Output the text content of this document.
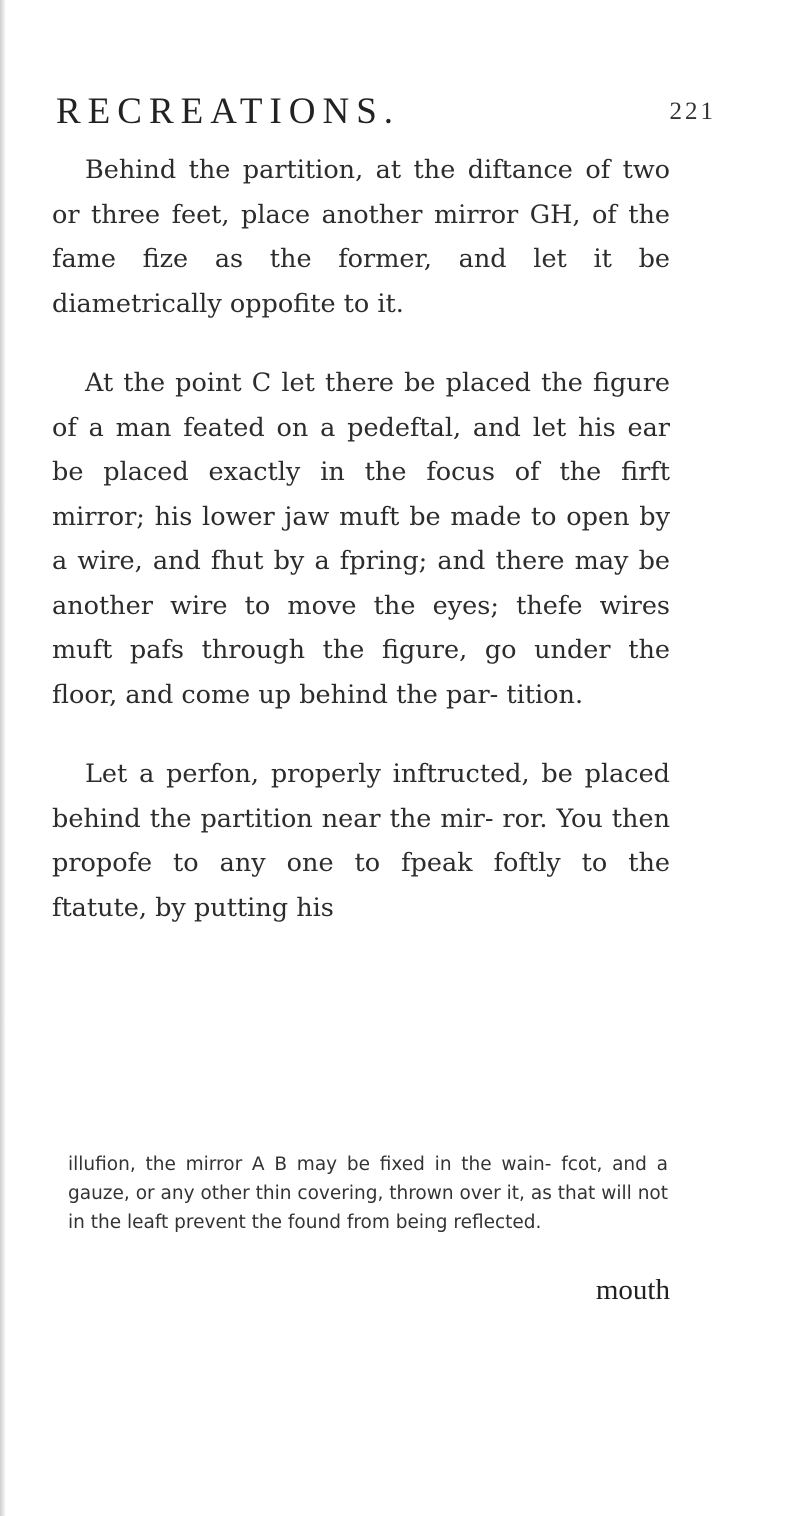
RECREATIONS.	221

Behind the partition, at the diftance of two or three feet, place another mirror GH, of the fame fize as the former, and let it be diametrically oppofite to it.

At the point C let there be placed the figure of a man feated on a pedeftal, and let his ear be placed exactly in the focus of the firft mirror; his lower jaw muft be made to open by a wire, and fhut by a fpring; and there may be another wire to move the eyes; thefe wires muft pafs through the figure, go under the floor, and come up behind the par- tition.

Let a perfon, properly inftructed, be placed behind the partition near the mir- ror. You then propofe to any one to fpeak foftly to the ftatute, by putting his

illufion, the mirror A B may be fixed in the wain- fcot, and a gauze, or any other thin covering, thrown over it, as that will not in the leaft prevent the found from being reflected.

mouth
